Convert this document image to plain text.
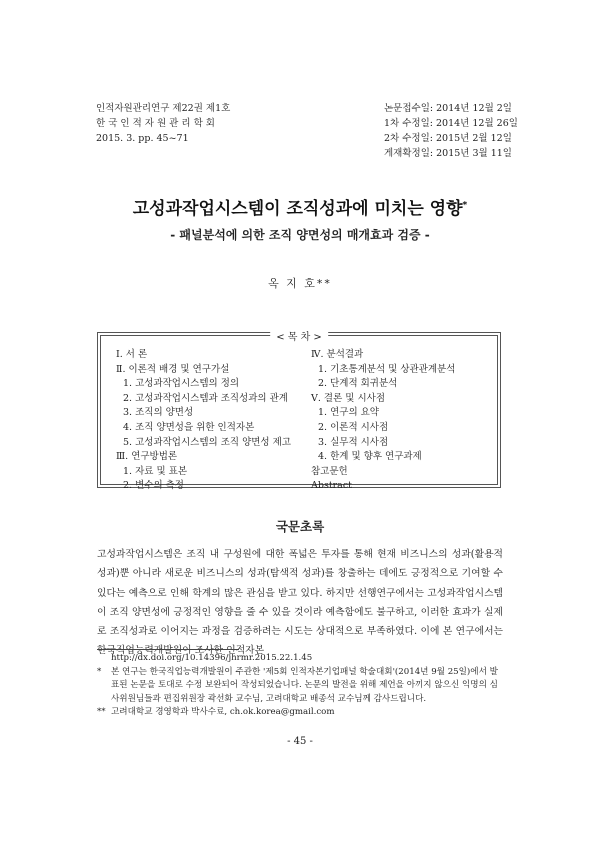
인적자원관리연구 제22권 제1호
한 국 인 적 자 원 관 리 학 회
2015. 3. pp. 45~71
논문접수일: 2014년 12월 2일
1차 수정일: 2014년 12월 26일
2차 수정일: 2015년 2월 12일
게재확정일: 2015년 3월 11일
고성과작업시스템이 조직성과에 미치는 영향*
- 패널분석에 의한 조직 양면성의 매개효과 검증 -
옥 지 호**
< 목 차 >
Ⅰ. 서 론
Ⅱ. 이론적 배경 및 연구가설
1. 고성과작업시스템의 정의
2. 고성과작업시스템과 조직성과의 관계
3. 조직의 양면성
4. 조직 양면성을 위한 인적자본
5. 고성과작업시스템의 조직 양면성 제고
Ⅲ. 연구방법론
1. 자료 및 표본
2. 변수의 측정
Ⅳ. 분석결과
1. 기초통계분석 및 상관관계분석
2. 단계적 회귀분석
Ⅴ. 결론 및 시사점
1. 연구의 요약
2. 이론적 시사점
3. 실무적 시사점
4. 한계 및 향후 연구과제
참고문헌
Abstract
국문초록
고성과작업시스템은 조직 내 구성원에 대한 폭넓은 투자를 통해 현재 비즈니스의 성과(활용적 성과)뿐 아니라 새로운 비즈니스의 성과(탐색적 성과)를 창출하는 데에도 긍정적으로 기여할 수 있다는 예측으로 인해 학계의 많은 관심을 받고 있다. 하지만 선행연구에서는 고성과작업시스템이 조직 양면성에 긍정적인 영향을 줄 수 있을 것이라 예측함에도 불구하고, 이러한 효과가 실제로 조직성과로 이어지는 과정을 검증하려는 시도는 상대적으로 부족하였다. 이에 본 연구에서는 한국직업능력개발원이 조사한 인적자본
http://dx.doi.org/10.14396/jhrmr.2015.22.1.45
* 본 연구는 한국직업능력개발원이 주관한 '제5회 인적자본기업패널 학술대회'(2014년 9월 25일)에서 발표된 논문을 토대로 수정 보완되어 작성되었습니다. 논문의 발전을 위해 제언을 아끼지 않으신 익명의 심사위원님들과 편집위원장 곽선화 교수님, 고려대학교 배종석 교수님께 감사드립니다.
** 고려대학교 경영학과 박사수료, ch.ok.korea@gmail.com
- 45 -
